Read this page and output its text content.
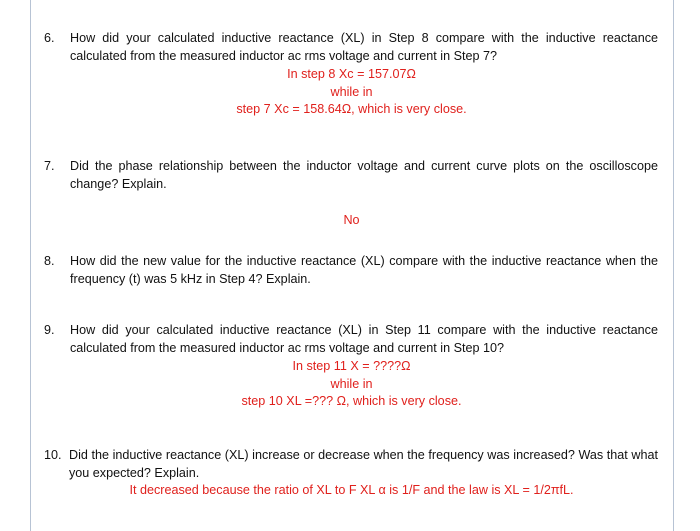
6. How did your calculated inductive reactance (XL) in Step 8 compare with the inductive reactance calculated from the measured inductor ac rms voltage and current in Step 7?
In step 8 Xc = 157.07Ω
while in
step 7 Xc = 158.64Ω, which is very close.
7. Did the phase relationship between the inductor voltage and current curve plots on the oscilloscope change? Explain.
No
8. How did the new value for the inductive reactance (XL) compare with the inductive reactance when the frequency (t) was 5 kHz in Step 4? Explain.
9. How did your calculated inductive reactance (XL) in Step 11 compare with the inductive reactance calculated from the measured inductor ac rms voltage and current in Step 10?
In step 11 X = ????Ω
while in
step 10 XL =??? Ω, which is very close.
10. Did the inductive reactance (XL) increase or decrease when the frequency was increased? Was that what you expected? Explain.
It decreased because the ratio of XL to F XL α is 1/F and the law is XL = 1/2πfL.
